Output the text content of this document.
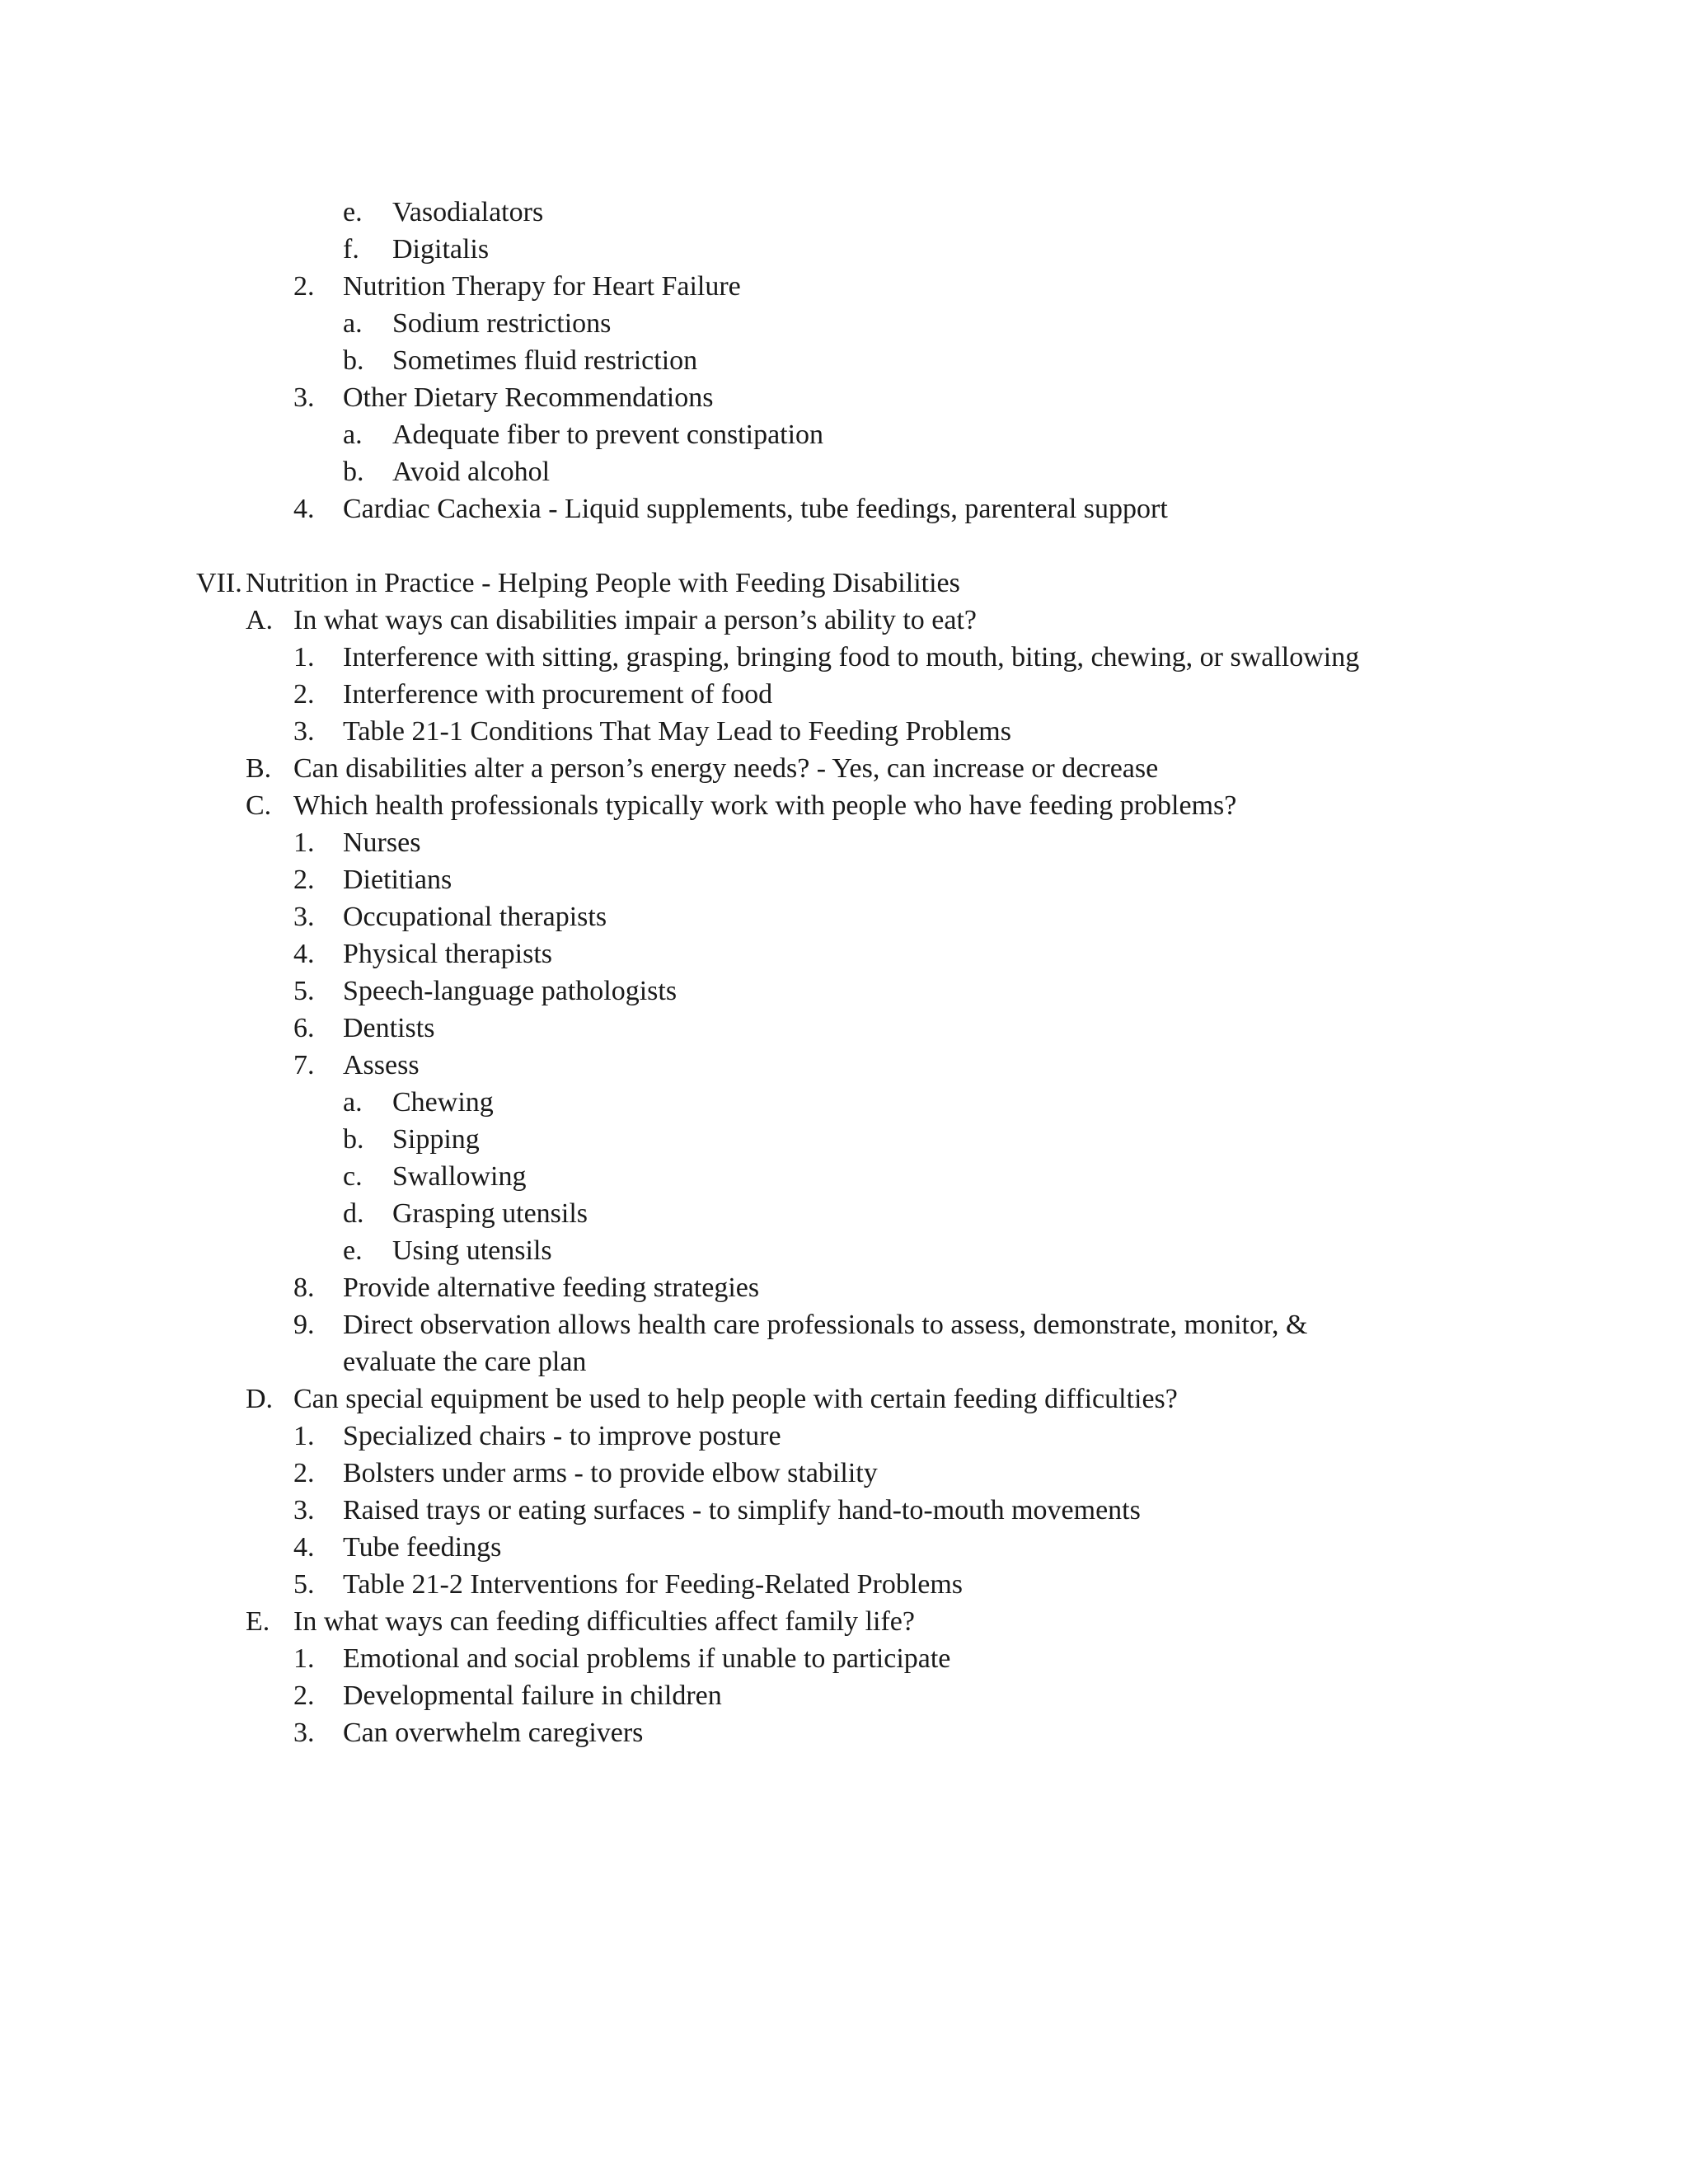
e. Vasodialators
f. Digitalis
2. Nutrition Therapy for Heart Failure
a. Sodium restrictions
b. Sometimes fluid restriction
3. Other Dietary Recommendations
a. Adequate fiber to prevent constipation
b. Avoid alcohol
4. Cardiac Cachexia - Liquid supplements, tube feedings, parenteral support
VII. Nutrition in Practice - Helping People with Feeding Disabilities
A. In what ways can disabilities impair a person’s ability to eat?
1. Interference with sitting, grasping, bringing food to mouth, biting, chewing, or swallowing
2. Interference with procurement of food
3. Table 21-1 Conditions That May Lead to Feeding Problems
B. Can disabilities alter a person’s energy needs? - Yes, can increase or decrease
C. Which health professionals typically work with people who have feeding problems?
1. Nurses
2. Dietitians
3. Occupational therapists
4. Physical therapists
5. Speech-language pathologists
6. Dentists
7. Assess
a. Chewing
b. Sipping
c. Swallowing
d. Grasping utensils
e. Using utensils
8. Provide alternative feeding strategies
9. Direct observation allows health care professionals to assess, demonstrate, monitor, &
evaluate the care plan
D. Can special equipment be used to help people with certain feeding difficulties?
1. Specialized chairs - to improve posture
2. Bolsters under arms - to provide elbow stability
3. Raised trays or eating surfaces - to simplify hand-to-mouth movements
4. Tube feedings
5. Table 21-2 Interventions for Feeding-Related Problems
E. In what ways can feeding difficulties affect family life?
1. Emotional and social problems if unable to participate
2. Developmental failure in children
3. Can overwhelm caregivers
